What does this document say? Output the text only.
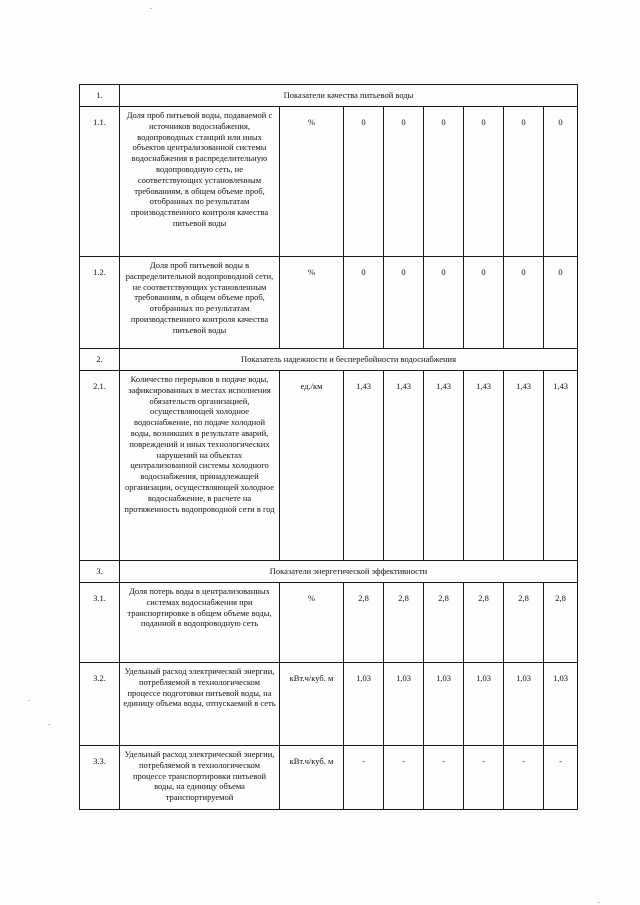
1.	Показатели качества питьевой воды							
1.1.	Доля проб питьевой воды, подаваемой с источников водоснабжения, водопроводных станций или иных объектов централизованной системы водоснабжения в распределительную водопроводную сеть, не соответствующих установленным требованиям, в общем объеме проб, отобранных по результатам производственного контроля качества питьевой воды	%	0	0	0	0	0	0
1.2.	Доля проб питьевой воды в распределительной водопроводной сети, не соответствующих установленным требованиям, в общем объеме проб, отобранных по результатам производственного контроля качества питьевой воды	%	0	0	0	0	0	0
2.	Показатель надежности и бесперебойности водоснабжения							
2.1.	Количество перерывов в подаче воды, зафиксированных в местах исполнения обязательств организацией, осуществляющей холодное водоснабжение, по подаче холодной воды, возникших в результате аварий, повреждений и иных технологических нарушений на объектах централизованной системы холодного водоснабжения, принадлежащей организации, осуществляющей холодное водоснабжение, в расчете на протяженность водопроводной сети в год	ед./км	1,43	1,43	1,43	1,43	1,43	1,43
3.	Показатели энергетической эффективности							
3.1.	Доля потерь воды в централизованных системах водоснабжения при транспортировке в общем объеме воды, поданной в водопроводную сеть	%	2,8	2,8	2,8	2,8	2,8	2,8
3.2.	Удельный расход электрической энергии, потребляемой в технологическом процессе подготовки питьевой воды, на единицу объема воды, отпускаемой в сеть	кВт.ч/куб. м	1,03	1,03	1,03	1,03	1,03	1,03
3.3.	Удельный расход электрической энергии, потребляемой в технологическом процессе транспортировки питьевой воды, на единицу объема транспортируемой	кВт.ч/куб. м	-	-	-	-	-	-
